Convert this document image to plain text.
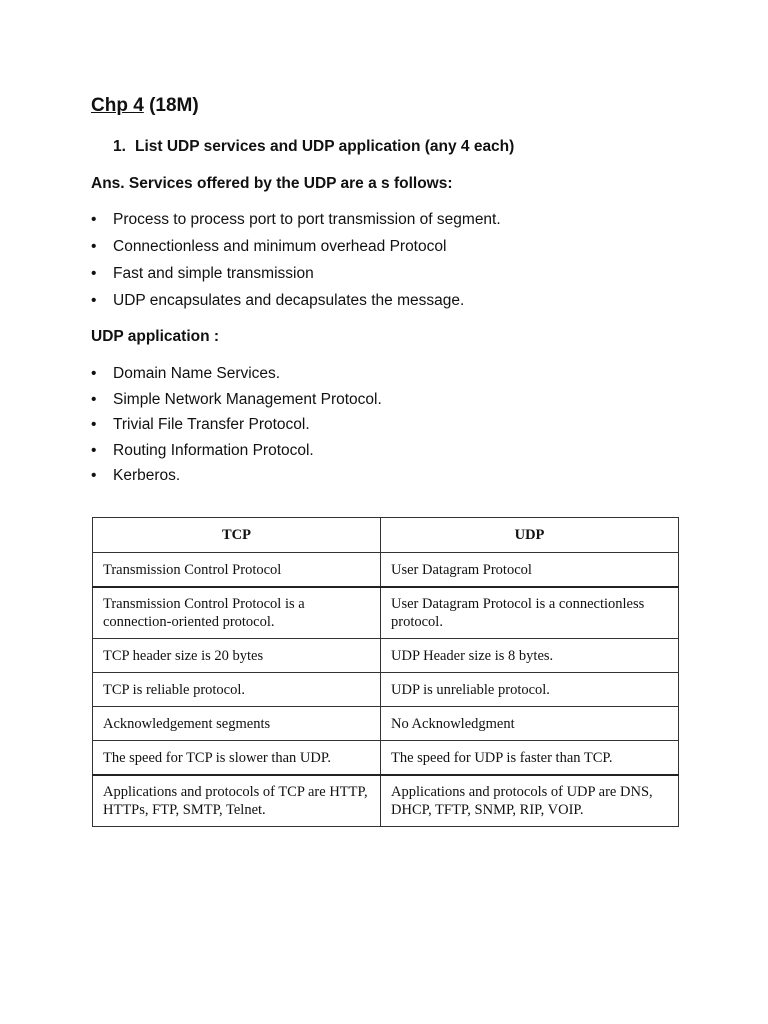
Chp 4 (18M)
1. List UDP services and UDP application (any 4 each)
Ans. Services offered by the UDP are a s follows:
• Process to process port to port transmission of segment.
• Connectionless and minimum overhead Protocol
• Fast and simple transmission
• UDP encapsulates and decapsulates the message.
UDP application :
• Domain Name Services.
• Simple Network Management Protocol.
• Trivial File Transfer Protocol.
• Routing Information Protocol.
• Kerberos.
TCP	UDP
Transmission Control Protocol	User Datagram Protocol
Transmission Control Protocol is a connection-oriented protocol.	User Datagram Protocol is a connectionless protocol.
TCP header size is 20 bytes	UDP Header size is 8 bytes.
TCP is reliable protocol.	UDP is unreliable protocol.
Acknowledgement segments	No Acknowledgment
The speed for TCP is slower than UDP.	The speed for UDP is faster than TCP.
Applications and protocols of TCP are HTTP, HTTPs, FTP, SMTP, Telnet.	Applications and protocols of UDP are DNS, DHCP, TFTP, SNMP, RIP, VOIP.
